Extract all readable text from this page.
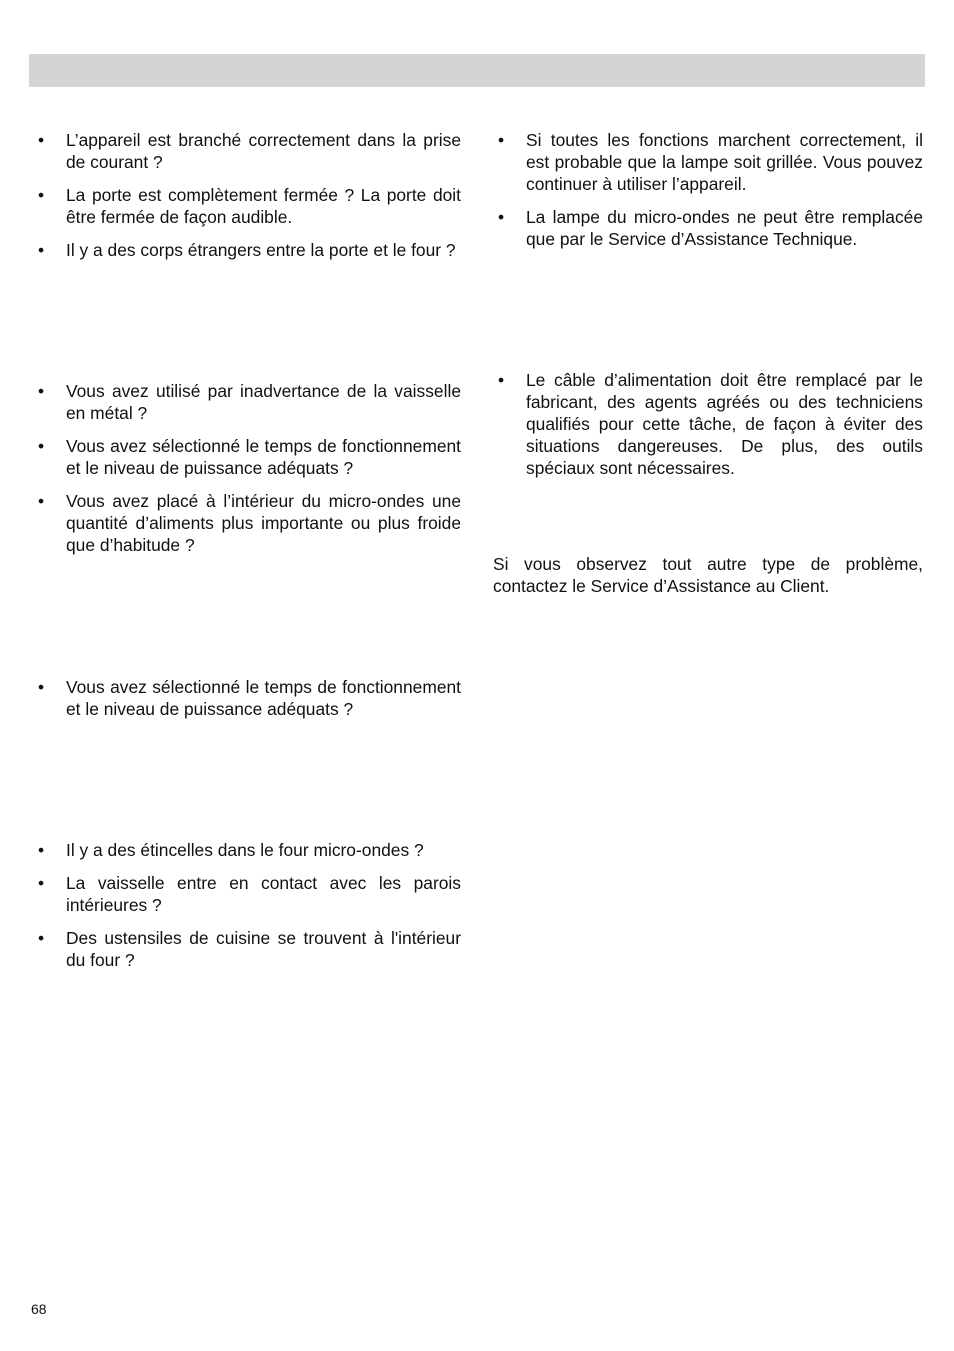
• L’appareil est branché correctement dans la prise de courant ?
• La porte est complètement fermée ? La porte doit être fermée de façon audible.
• Il y a des corps étrangers entre la porte et le four ?
• Vous avez utilisé par inadvertance de la vaisselle en métal ?
• Vous avez sélectionné le temps de fonctionnement et le niveau de puissance adéquats ?
• Vous avez placé à l’intérieur du micro-ondes une quantité d’aliments plus importante ou plus froide que d’habitude ?
• Vous avez sélectionné le temps de fonctionnement et le niveau de puissance adéquats ?
• Il y a des étincelles dans le four micro-ondes ?
• La vaisselle entre en contact avec les parois intérieures ?
• Des ustensiles de cuisine se trouvent à l'intérieur du four ?
• Si toutes les fonctions marchent correctement, il est probable que la lampe soit grillée. Vous pouvez continuer à utiliser l’appareil.
• La lampe du micro-ondes ne peut être remplacée que par le Service d’Assistance Technique.
• Le câble d’alimentation doit être remplacé par le fabricant, des agents agréés ou des techniciens qualifiés pour cette tâche, de façon à éviter des situations dangereuses. De plus, des outils spéciaux sont nécessaires.

Si vous observez tout autre type de problème, contactez le Service d’Assistance au Client.

68
